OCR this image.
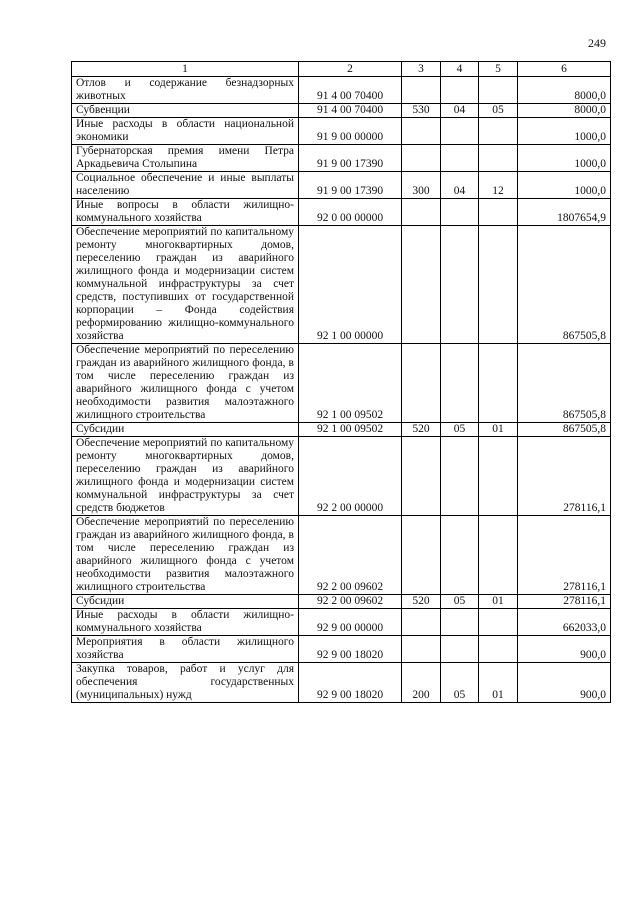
249
1	2	3	4	5	6
Отлов и содержание безнадзорных животных	91 4 00 70400				8000,0
Субвенции	91 4 00 70400	530	04	05	8000,0
Иные расходы в области национальной экономики	91 9 00 00000				1000,0
Губернаторская премия имени Петра Аркадьевича Столыпина	91 9 00 17390				1000,0
Социальное обеспечение и иные выплаты населению	91 9 00 17390	300	04	12	1000,0
Иные вопросы в области жилищно-коммунального хозяйства	92 0 00 00000				1807654,9
Обеспечение мероприятий по капитальному ремонту многоквартирных домов, переселению граждан из аварийного жилищного фонда и модернизации систем коммунальной инфраструктуры за счет средств, поступивших от государственной корпорации – Фонда содействия реформированию жилищно-коммунального хозяйства	92 1 00 00000				867505,8
Обеспечение мероприятий по переселению граждан из аварийного жилищного фонда, в том числе переселению граждан из аварийного жилищного фонда с учетом необходимости развития малоэтажного жилищного строительства	92 1 00 09502				867505,8
Субсидии	92 1 00 09502	520	05	01	867505,8
Обеспечение мероприятий по капитальному ремонту многоквартирных домов, переселению граждан из аварийного жилищного фонда и модернизации систем коммунальной инфраструктуры за счет средств бюджетов	92 2 00 00000				278116,1
Обеспечение мероприятий по переселению граждан из аварийного жилищного фонда, в том числе переселению граждан из аварийного жилищного фонда с учетом необходимости развития малоэтажного жилищного строительства	92 2 00 09602				278116,1
Субсидии	92 2 00 09602	520	05	01	278116,1
Иные расходы в области жилищно-коммунального хозяйства	92 9 00 00000				662033,0
Мероприятия в области жилищного хозяйства	92 9 00 18020				900,0
Закупка товаров, работ и услуг для обеспечения государственных (муниципальных) нужд	92 9 00 18020	200	05	01	900,0
